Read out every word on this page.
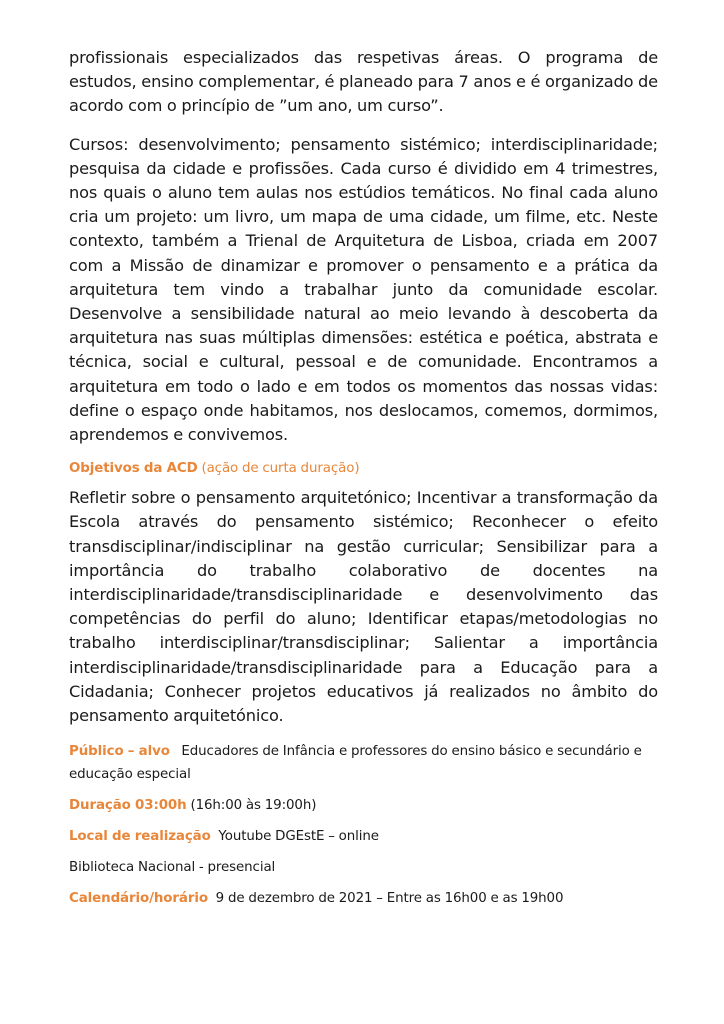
profissionais especializados das respetivas áreas. O programa de estudos, ensino complementar, é planeado para 7 anos e é organizado de acordo com o princípio de ”um ano, um curso”.

Cursos: desenvolvimento; pensamento sistémico; interdisciplinaridade; pesquisa da cidade e profissões. Cada curso é dividido em 4 trimestres, nos quais o aluno tem aulas nos estúdios temáticos. No final cada aluno cria um projeto: um livro, um mapa de uma cidade, um filme, etc. Neste contexto, também a Trienal de Arquitetura de Lisboa, criada em 2007 com a Missão de dinamizar e promover o pensamento e a prática da arquitetura tem vindo a trabalhar junto da comunidade escolar. Desenvolve a sensibilidade natural ao meio levando à descoberta da arquitetura nas suas múltiplas dimensões: estética e poética, abstrata e técnica, social e cultural, pessoal e de comunidade. Encontramos a arquitetura em todo o lado e em todos os momentos das nossas vidas: define o espaço onde habitamos, nos deslocamos, comemos, dormimos, aprendemos e convivemos.

Objetivos da ACD (ação de curta duração)

Refletir sobre o pensamento arquitetónico; Incentivar a transformação da Escola através do pensamento sistémico; Reconhecer o efeito transdisciplinar/indisciplinar na gestão curricular; Sensibilizar para a importância do trabalho colaborativo de docentes na interdisciplinaridade/transdisciplinaridade e desenvolvimento das competências do perfil do aluno; Identificar etapas/metodologias no trabalho interdisciplinar/transdisciplinar; Salientar a importância interdisciplinaridade/transdisciplinaridade para a Educação para a Cidadania; Conhecer projetos educativos já realizados no âmbito do pensamento arquitetónico.

Público – alvo Educadores de Infância e professores do ensino básico e secundário e educação especial

Duração 03:00h (16h:00 às 19:00h)

Local de realização Youtube DGEstE – online

Biblioteca Nacional - presencial

Calendário/horário 9 de dezembro de 2021 – Entre as 16h00 e as 19h00
